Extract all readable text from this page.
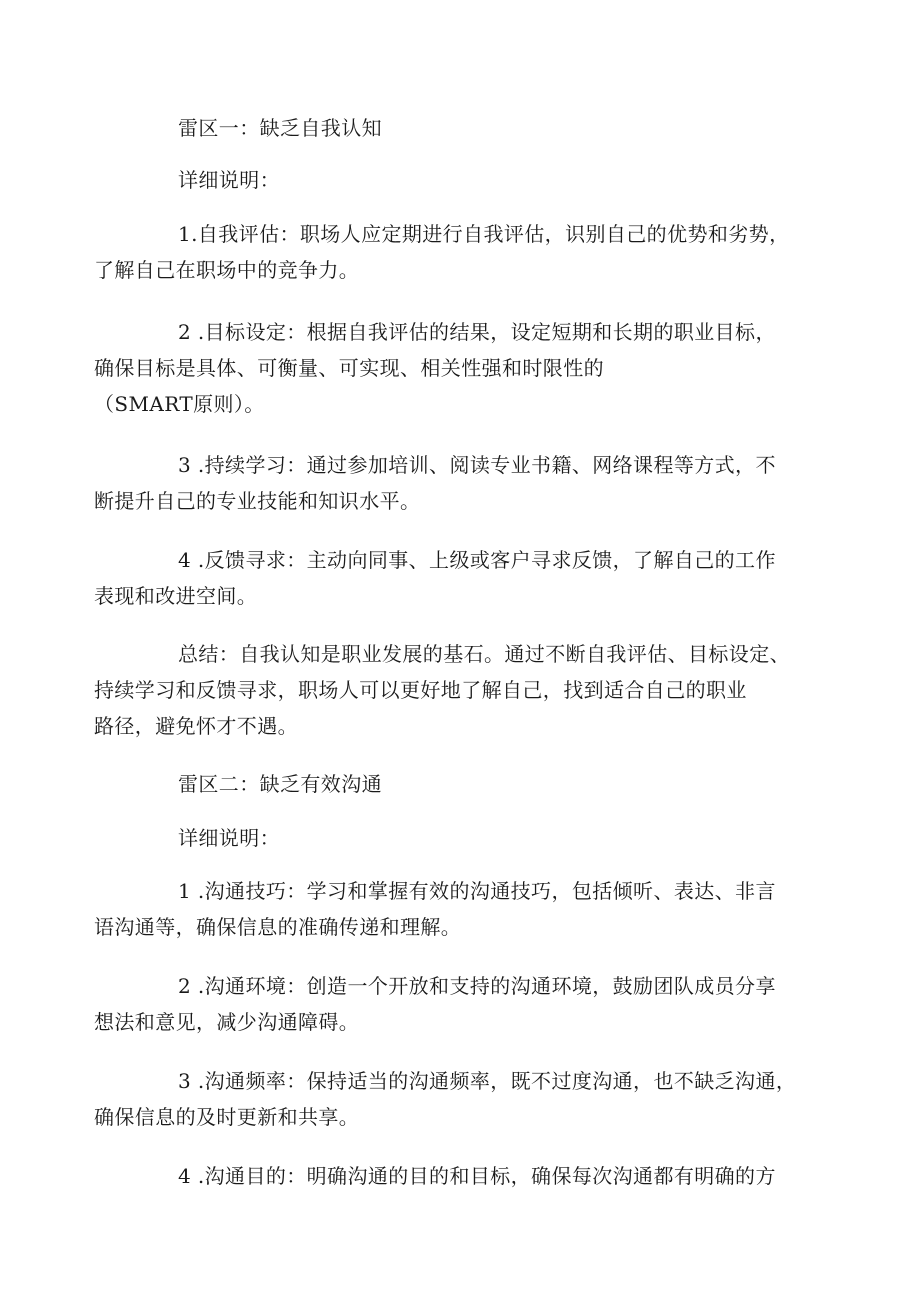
雷区一：缺乏自我认知

详细说明：

1.自我评估：职场人应定期进行自我评估，识别自己的优势和劣势，
了解自己在职场中的竞争力。

2 .目标设定：根据自我评估的结果，设定短期和长期的职业目标，
确保目标是具体、可衡量、可实现、相关性强和时限性的
（SMART原则）。

3 .持续学习：通过参加培训、阅读专业书籍、网络课程等方式，不
断提升自己的专业技能和知识水平。

4 .反馈寻求：主动向同事、上级或客户寻求反馈，了解自己的工作
表现和改进空间。

总结：自我认知是职业发展的基石。通过不断自我评估、目标设定、
持续学习和反馈寻求，职场人可以更好地了解自己，找到适合自己的职业
路径，避免怀才不遇。

雷区二：缺乏有效沟通

详细说明：

1 .沟通技巧：学习和掌握有效的沟通技巧，包括倾听、表达、非言
语沟通等，确保信息的准确传递和理解。

2 .沟通环境：创造一个开放和支持的沟通环境，鼓励团队成员分享
想法和意见，减少沟通障碍。

3 .沟通频率：保持适当的沟通频率，既不过度沟通，也不缺乏沟通，
确保信息的及时更新和共享。

4 .沟通目的：明确沟通的目的和目标，确保每次沟通都有明确的方
